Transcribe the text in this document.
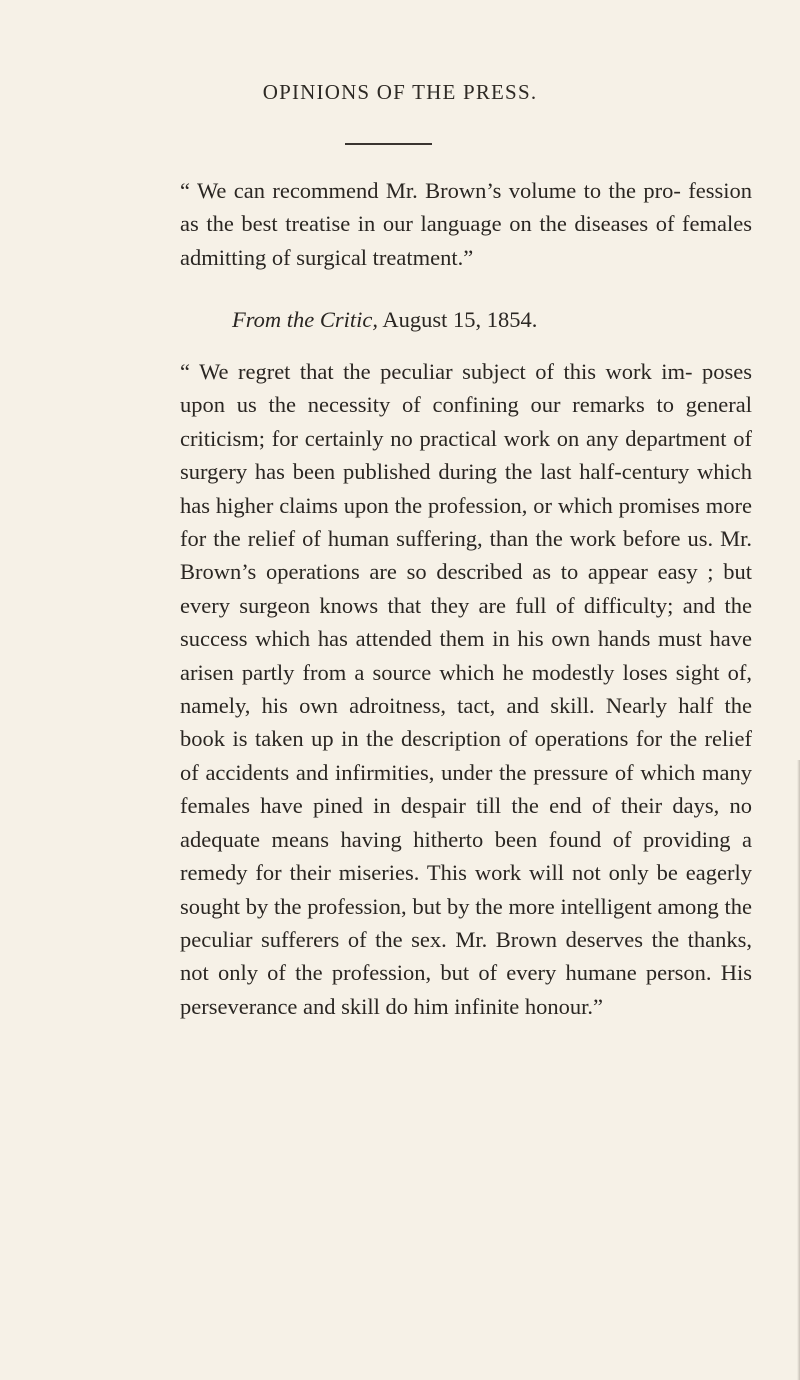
OPINIONS OF THE PRESS.

“ We can recommend Mr. Brown’s volume to the pro- fession as the best treatise in our language on the diseases of females admitting of surgical treatment.”

From the Critic, August 15, 1854.

“ We regret that the peculiar subject of this work im- poses upon us the necessity of confining our remarks to general criticism; for certainly no practical work on any department of surgery has been published during the last half-century which has higher claims upon the profession, or which promises more for the relief of human suffering, than the work before us. Mr. Brown’s operations are so described as to appear easy ; but every surgeon knows that they are full of difficulty; and the success which has attended them in his own hands must have arisen partly from a source which he modestly loses sight of, namely, his own adroitness, tact, and skill. Nearly half the book is taken up in the description of operations for the relief of accidents and infirmities, under the pressure of which many females have pined in despair till the end of their days, no adequate means having hitherto been found of providing a remedy for their miseries. This work will not only be eagerly sought by the profession, but by the more intelligent among the peculiar sufferers of the sex. Mr. Brown deserves the thanks, not only of the profession, but of every humane person. His perseverance and skill do him infinite honour.”
